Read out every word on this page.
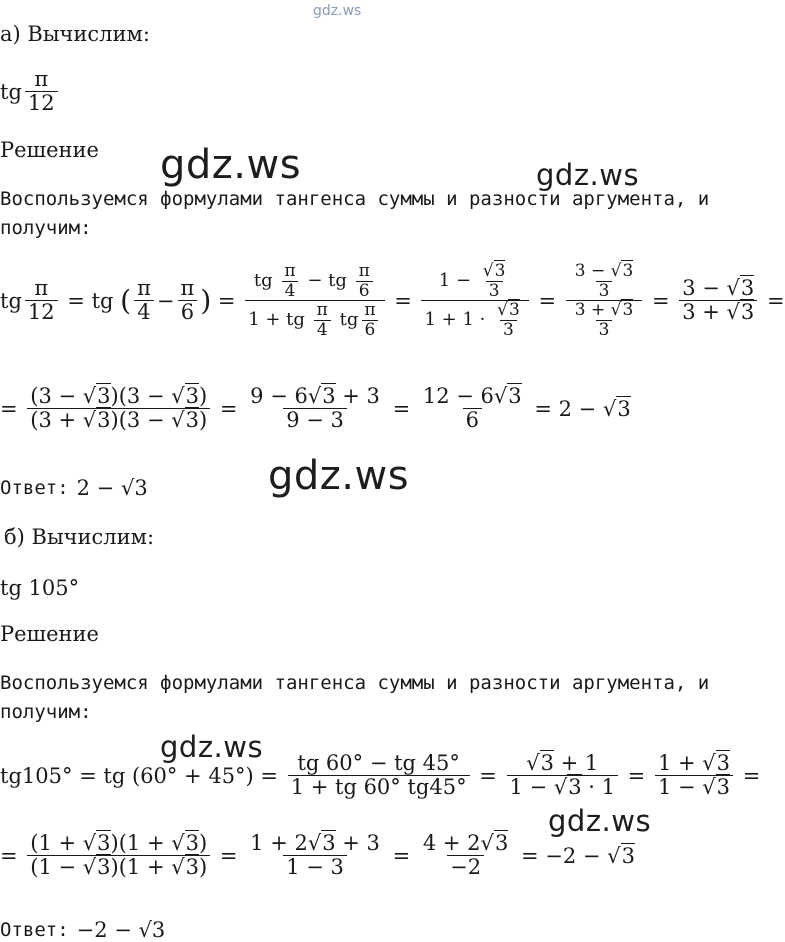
gdz.ws
а) Вычислим:
tg $\frac{\pi}{12}$
Решение gdz.ws	gdz.ws
Воспользуемся формулами тангенса суммы и разности аргумента, и
получим:
tg $\frac{\pi}{12}$ = tg ( $\frac{\pi}{4} - \frac{\pi}{6}$ ) = $\frac{tg \frac{\pi}{4} - tg \frac{\pi}{6}}{1 + tg \frac{\pi}{4} tg \frac{\pi}{6}} = 1$ −
√ $\frac{3}{3}$
1 + 1 ·
√ $\frac{3}{3} = \frac{\frac{3 - √ 3}{3}}{\frac{3 + √ 3}{3}} = \frac{3 - √ 3}{3 + √ 3}$ =
= $\frac{(3 - √ 3)(3 - √ 3)}{(3 + √ 3)(3 - √ 3)} = \frac{9 - 6√ 3 + 3}{9 - 3} = \frac{12 - 6√ 3}{6} = 2$ − √ 3
Ответ: 2 − √3	gdz.ws
б) Вычислим:
tg 105°
Решение
Воспользуемся формулами тангенса суммы и разности аргумента, и
получим:
gdz.ws
tg105° = tg $(60^\circ + 45^\circ) = \frac{tg 60^\circ - tg 45^\circ}{1 + tg 60^\circ tg45^\circ}$ =
√ $\frac{3 + 1}{1 - √ 3 \cdot 1} = \frac{1 + √ 3}{1 - √ 3}$ =
gdz.ws
= $\frac{(1 + √ 3)(1 + √ 3)}{(1 - √ 3)(1 + √ 3)} = \frac{1 + 2√ 3 + 3}{1 - 3} = \frac{4 + 2√ 3}{-2} = -2$ − √ 3
Ответ: −2 − √3
